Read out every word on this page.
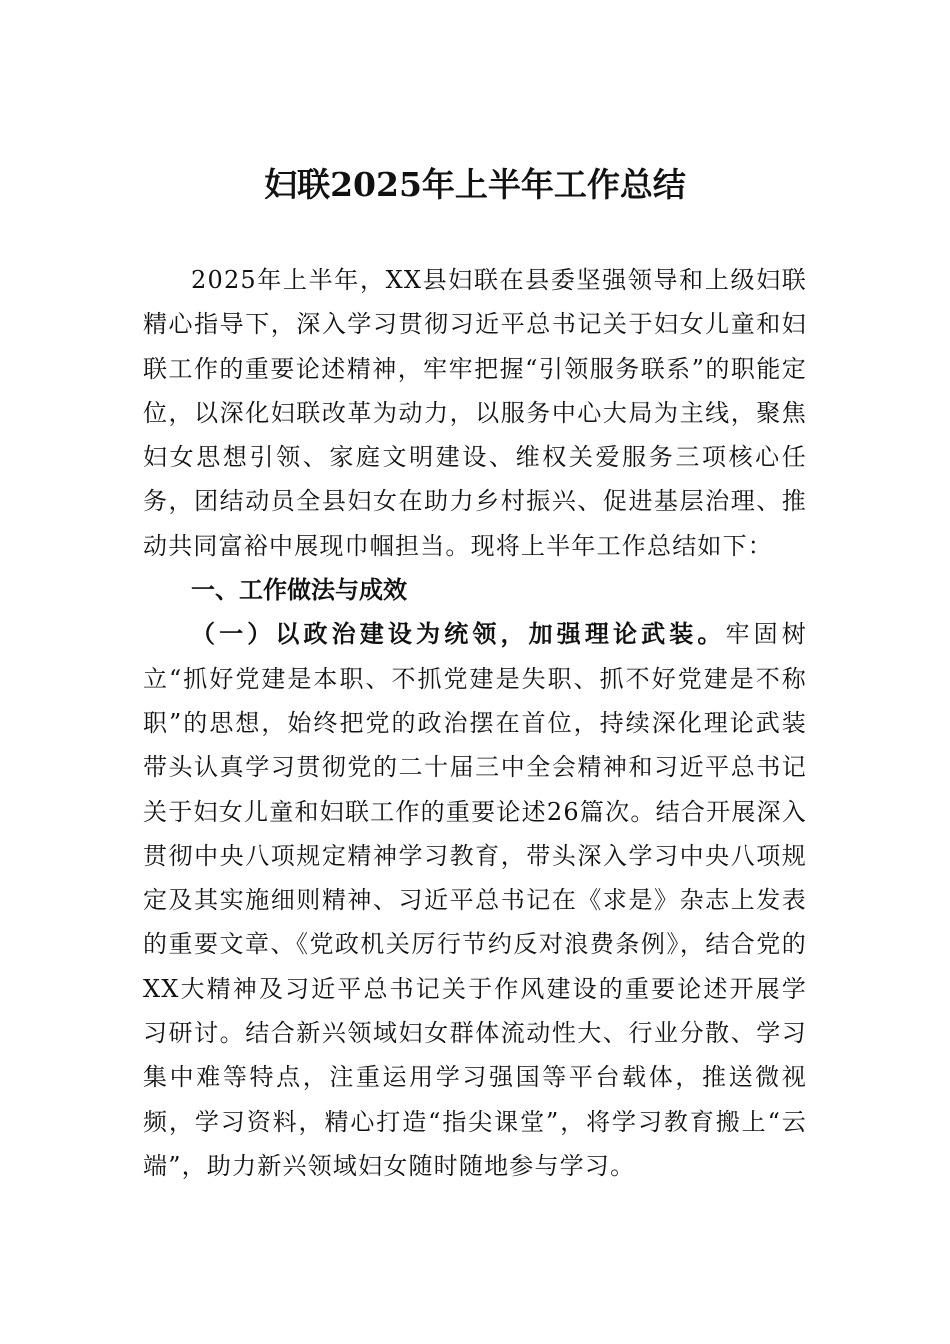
妇联2025年上半年工作总结

2025年上半年，XX县妇联在县委坚强领导和上级妇联精心指导下，深入学习贯彻习近平总书记关于妇女儿童和妇联工作的重要论述精神，牢牢把握“引领服务联系”的职能定位，以深化妇联改革为动力，以服务中心大局为主线，聚焦妇女思想引领、家庭文明建设、维权关爱服务三项核心任务，团结动员全县妇女在助力乡村振兴、促进基层治理、推动共同富裕中展现巾帼担当。现将上半年工作总结如下：

一、工作做法与成效

（一）以政治建设为统领，加强理论武装。牢固树立“抓好党建是本职、不抓党建是失职、抓不好党建是不称职”的思想，始终把党的政治摆在首位，持续深化理论武装带头认真学习贯彻党的二十届三中全会精神和习近平总书记关于妇女儿童和妇联工作的重要论述26篇次。结合开展深入贯彻中央八项规定精神学习教育，带头深入学习中央八项规定及其实施细则精神、习近平总书记在《求是》杂志上发表的重要文章、《党政机关厉行节约反对浪费条例》，结合党的XX大精神及习近平总书记关于作风建设的重要论述开展学习研讨。结合新兴领域妇女群体流动性大、行业分散、学习集中难等特点，注重运用学习强国等平台载体，推送微视频，学习资料，精心打造“指尖课堂”，将学习教育搬上“云端”，助力新兴领域妇女随时随地参与学习。
